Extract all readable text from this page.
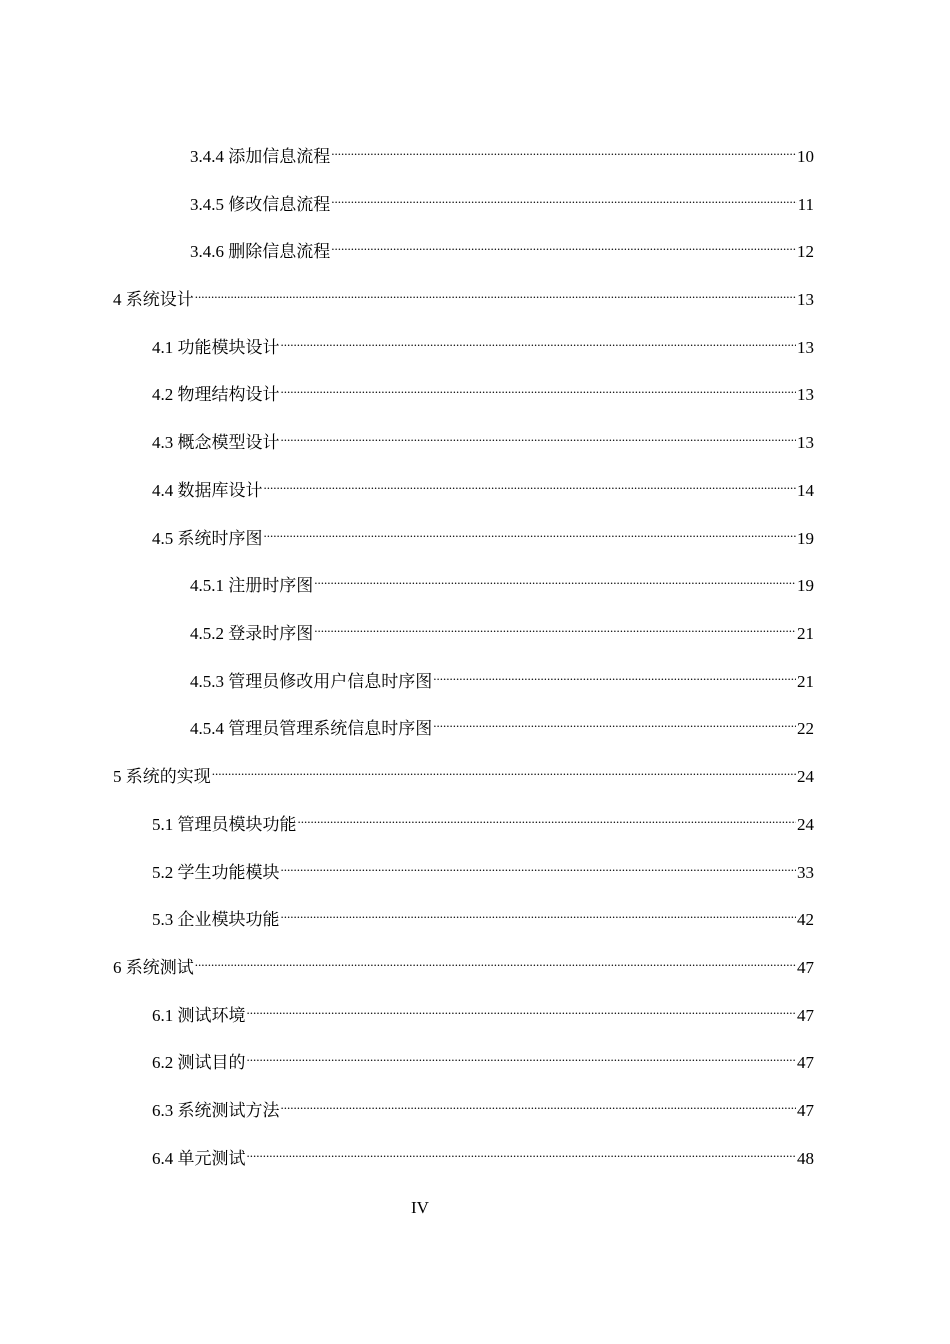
3.4.4 添加信息流程 .....	10
3.4.5 修改信息流程 .....	11
3.4.6 删除信息流程 .....	12
4 系统设计 .....	13
4.1 功能模块设计 .....	13
4.2 物理结构设计 .....	13
4.3 概念模型设计 .....	13
4.4 数据库设计 .....	14
4.5 系统时序图 .....	19
4.5.1 注册时序图 .....	19
4.5.2 登录时序图 .....	21
4.5.3 管理员修改用户信息时序图 .....	21
4.5.4 管理员管理系统信息时序图 .....	22
5 系统的实现 .....	24
5.1 管理员模块功能 .....	24
5.2 学生功能模块 .....	33
5.3 企业模块功能 .....	42
6 系统测试 .....	47
6.1 测试环境 .....	47
6.2 测试目的 .....	47
6.3 系统测试方法 .....	47
6.4 单元测试 .....	48
IV
